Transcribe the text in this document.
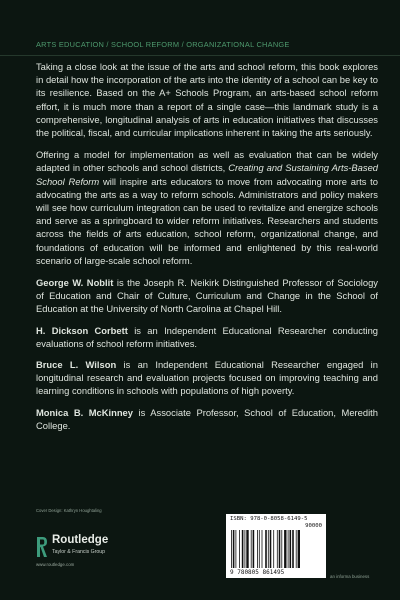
ARTS EDUCATION / SCHOOL REFORM / ORGANIZATIONAL CHANGE

Taking a close look at the issue of the arts and school reform, this book explores in detail how the incorporation of the arts into the identity of a school can be key to its resilience. Based on the A+ Schools Program, an arts-based school reform effort, it is much more than a report of a single case—this landmark study is a comprehensive, longitudinal analysis of arts in education initiatives that discusses the political, fiscal, and curricular implications inherent in taking the arts seriously.

Offering a model for implementation as well as evaluation that can be widely adapted in other schools and school districts, Creating and Sustaining Arts-Based School Reform will inspire arts educators to move from advocating more arts to advocating the arts as a way to reform schools. Administrators and policy makers will see how curriculum integration can be used to revitalize and energize schools and serve as a springboard to wider reform initiatives. Researchers and students across the fields of arts education, school reform, organizational change, and foundations of education will be informed and enlightened by this real-world scenario of large-scale school reform.

George W. Noblit is the Joseph R. Neikirk Distinguished Professor of Sociology of Education and Chair of Culture, Curriculum and Change in the School of Education at the University of North Carolina at Chapel Hill.

H. Dickson Corbett is an Independent Educational Researcher conducting evaluations of school reform initiatives.

Bruce L. Wilson is an Independent Educational Researcher engaged in longitudinal research and evaluation projects focused on improving teaching and learning conditions in schools with populations of high poverty.

Monica B. McKinney is Associate Professor, School of Education, Meredith College.

Cover Design: Kathryn Houghtaling
Routledge
Taylor & Francis Group
www.routledge.com
ISBN: 978-0-8058-6149-5
90000
9 780805 861495
an informa business
